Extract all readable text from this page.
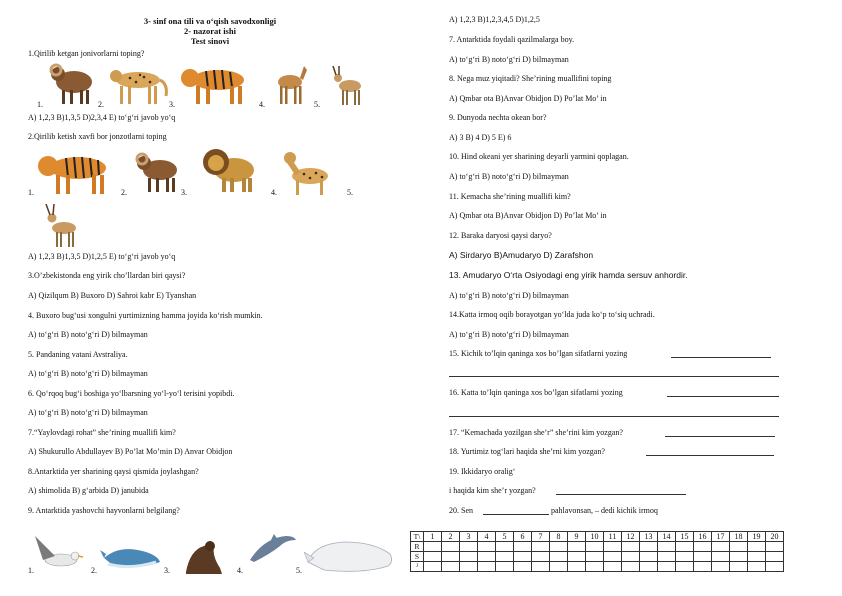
3- sinf ona tili va o‘qish savodxonligi
2- nazorat ishi
Test sinovi
1.Qirilib ketgan jonivorlarni toping?
1.	2.	3.	4.	5.
A) 1,2,3 B)1,3,5 D)2,3,4 E) to‘g‘ri javob yo‘q
2.Qirilib ketish xavfi bor jonzotlarni toping
1.	2.	3.	4.	5.
A) 1,2,3 B)1,3,5 D)1,2,5 E) to‘g‘ri javob yo‘q
3.O’zbekistonda eng yirik cho’llardan biri qaysi?
A) Qizilqum B) Buxoro D) Sahroi kabr E) Tyanshan
4. Buxoro bug‘usi xongulni yurtimizning hamma joyida ko‘rish mumkin.
A) to‘g‘ri B) noto‘g‘ri D) bilmayman
5. Pandaning vatani Avstraliya.
A) to‘g‘ri B) noto‘g‘ri D) bilmayman
6. Qo‘rqoq bug‘i boshiga yo‘lbarsning yo‘l-yo‘l terisini yopibdi.
A) to‘g‘ri B) noto‘g‘ri D) bilmayman
7.“Yaylovdagi rohat” she’rining muallifi kim?
A) Shukurullo Abdullayev B) Po’lat Mo’min D) Anvar Obidjon
8.Antarktida yer sharining qaysi qismida joylashgan?
A) shimolida B) g‘arbida D) janubida
9. Antarktida yashovchi hayvonlarni belgilang?
1.	2.	3.	4.	5.
A) 1,2,3 B)1,2,3,4,5 D)1,2,5
7. Antarktida foydali qazilmalarga boy.
A) to‘g‘ri B) noto‘g‘ri D) bilmayman
8. Nega muz yiqitadi? She’rining muallifini toping
A) Qmbar ota B)Anvar Obidjon D) Po’lat Mo’ in
9. Dunyoda nechta okean bor?
A) 3 B) 4 D) 5 E) 6
10. Hind okeani yer sharining deyarli yarmini qoplagan.
A) to‘g‘ri B) noto‘g‘ri D) bilmayman
11. Kemacha she’rining muallifi kim?
A) Qmbar ota B)Anvar Obidjon D) Po’lat Mo’ in
12. Baraka daryosi qaysi daryo?
A) Sirdaryo B)Amudaryo D) Zarafshon
13. Amudaryo O‘rta Osiyodagi eng yirik hamda sersuv anhordir.
A) to‘g‘ri B) noto‘g‘ri D) bilmayman
14.Katta irmoq oqib borayotgan yo‘lda juda ko‘p to‘siq uchradi.
A) to‘g‘ri B) noto‘g‘ri D) bilmayman
15. Kichik to’lqin qaninga xos bo’lgan sifatlarni yozing
16. Katta to’lqin qaninga xos bo’lgan sifatlarni yozing
17. “Kemachada yozilgan she’r” she’rini kim yozgan?
18. Yurtimiz tog‘lari haqida she’rni kim yozgan?
19. Ikkidaryo oralig‘
i haqida kim she’r yozgan?
20. Sen	pahlavonsan, – dedi kichik irmoq
T\	1	2	3	4	5	6	7	8	9	10	11	12	13	14	15	16	17	18	19	20
R																				
S																				
J																				
